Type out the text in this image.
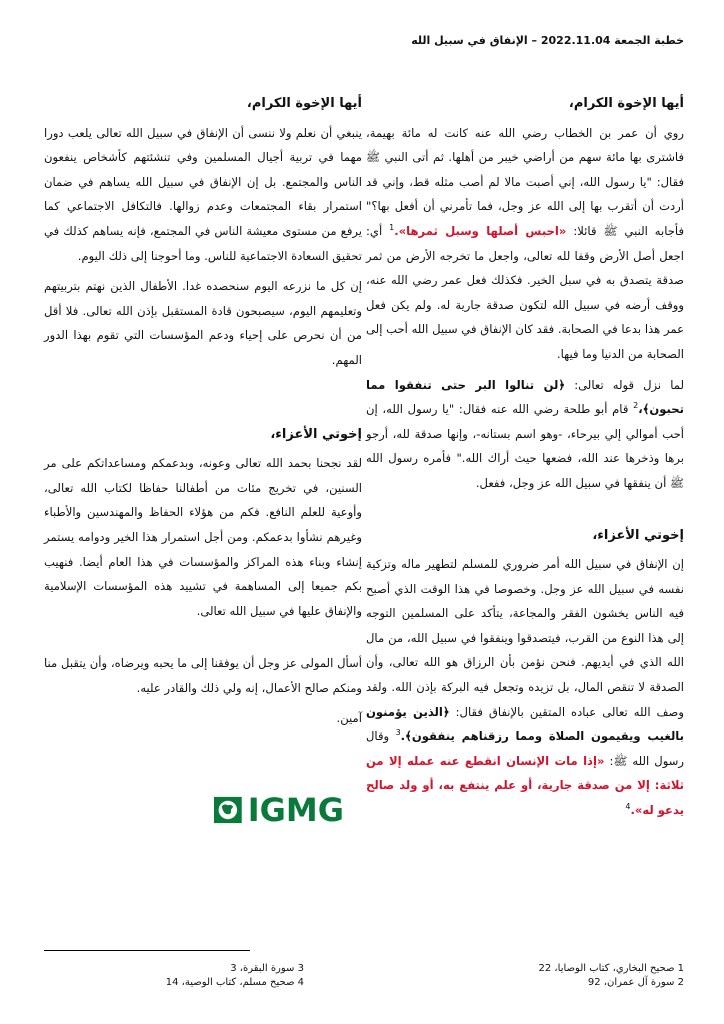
خطبة الجمعة 2022.11.04 – الإنفاق في سبيل الله
أيها الإخوة الكرام،

روي أن عمر بن الخطاب رضي الله عنه كانت له مائة بهيمة، فاشترى بها مائة سهم من أراضي خيبر من أهلها. ثم أتى النبي ﷺ فقال: "يا رسول الله، إني أصبت مالا لم أصب مثله قط، وإني قد أردت أن أتقرب بها إلى الله عز وجل، فما تأمرني أن أفعل بها؟" فأجابه النبي ﷺ قائلا: «احبس أصلها وسبل ثمرها».$^1$ أي: اجعل أصل الأرض وقفا لله تعالى، واجعل ما تخرجه الأرض من ثمر صدقة يتصدق به في سبل الخير. فكذلك فعل عمر رضي الله عنه، ووقف أرضه في سبيل الله لتكون صدقة جارية له. ولم يكن فعل عمر هذا بدعا في الصحابة. فقد كان الإنفاق في سبيل الله أحب إلى الصحابة من الدنيا وما فيها.

لما نزل قوله تعالى: ﴿لن تنالوا البر حتى تنفقوا مما تحبون﴾،$^2$ قام أبو طلحة رضي الله عنه فقال: "يا رسول الله، إن أحب أموالي إلي بيرحاء، -وهو اسم بستانه-، وإنها صدقة لله، أرجو برها وذخرها عند الله، فضعها حيث أراك الله." فأمره رسول الله ﷺ أن ينفقها في سبيل الله عز وجل، ففعل.

إخوتي الأعزاء،

إن الإنفاق في سبيل الله أمر ضروري للمسلم لتطهير ماله وتزكية نفسه في سبيل الله عز وجل. وخصوصا في هذا الوقت الذي أصبح فيه الناس يخشون الفقر والمجاعة، يتأكد على المسلمين التوجه إلى هذا النوع من القرب، فيتصدقوا وينفقوا في سبيل الله، من مال الله الذي في أيديهم. فنحن نؤمن بأن الرزاق هو الله تعالى، وأن الصدقة لا تنقص المال، بل تزيده وتجعل فيه البركة بإذن الله. ولقد وصف الله تعالى عباده المتقين بالإنفاق فقال: ﴿الذين يؤمنون بالغيب ويقيمون الصلاة ومما رزقناهم ينفقون﴾.$^3$ وقال رسول الله ﷺ: «إذا مات الإنسان انقطع عنه عمله إلا من ثلاثة: إلا من صدقة جارية، أو علم ينتفع به، أو ولد صالح يدعو له».$^4$

أيها الإخوة الكرام،

ينبغي أن نعلم ولا ننسى أن الإنفاق في سبيل الله تعالى يلعب دورا مهما في تربية أجيال المسلمين وفي تنشئتهم كأشخاص ينفعون الناس والمجتمع. بل إن الإنفاق في سبيل الله يساهم في ضمان استمرار بقاء المجتمعات وعدم زوالها. فالتكافل الاجتماعي كما يرفع من مستوى معيشة الناس في المجتمع، فإنه يساهم كذلك في تحقيق السعادة الاجتماعية للناس. وما أحوجنا إلى ذلك اليوم.

إن كل ما نزرعه اليوم سنحصده غدا. الأطفال الذين نهتم بتربيتهم وتعليمهم اليوم، سيصبحون قادة المستقبل بإذن الله تعالى. فلا أقل من أن نحرص على إحياء ودعم المؤسسات التي تقوم بهذا الدور المهم.

إخوتي الأعزاء،

لقد نجحنا بحمد الله تعالى وعونه، وبدعمكم ومساعداتكم على مر السنين، في تخريج مئات من أطفالنا حفاظا لكتاب الله تعالى، وأوعية للعلم النافع. فكم من هؤلاء الحفاظ والمهندسين والأطباء وغيرهم نشأوا بدعمكم. ومن أجل استمرار هذا الخير ودوامه يستمر إنشاء وبناء هذه المراكز والمؤسسات في هذا العام أيضا. فنهيب بكم جميعا إلى المساهمة في تشييد هذه المؤسسات الإسلامية والإنفاق عليها في سبيل الله تعالى.

أسأل المولى عز وجل أن يوفقنا إلى ما يحبه ويرضاه، وأن يتقبل منا ومنكم صالح الأعمال، إنه ولي ذلك والقادر عليه.

آمين.

IGMG
1 صحيح البخاري، كتاب الوصايا، 22
2 سورة آل عمران، 92
3 سورة البقرة، 3
4 صحيح مسلم، كتاب الوصية، 14
